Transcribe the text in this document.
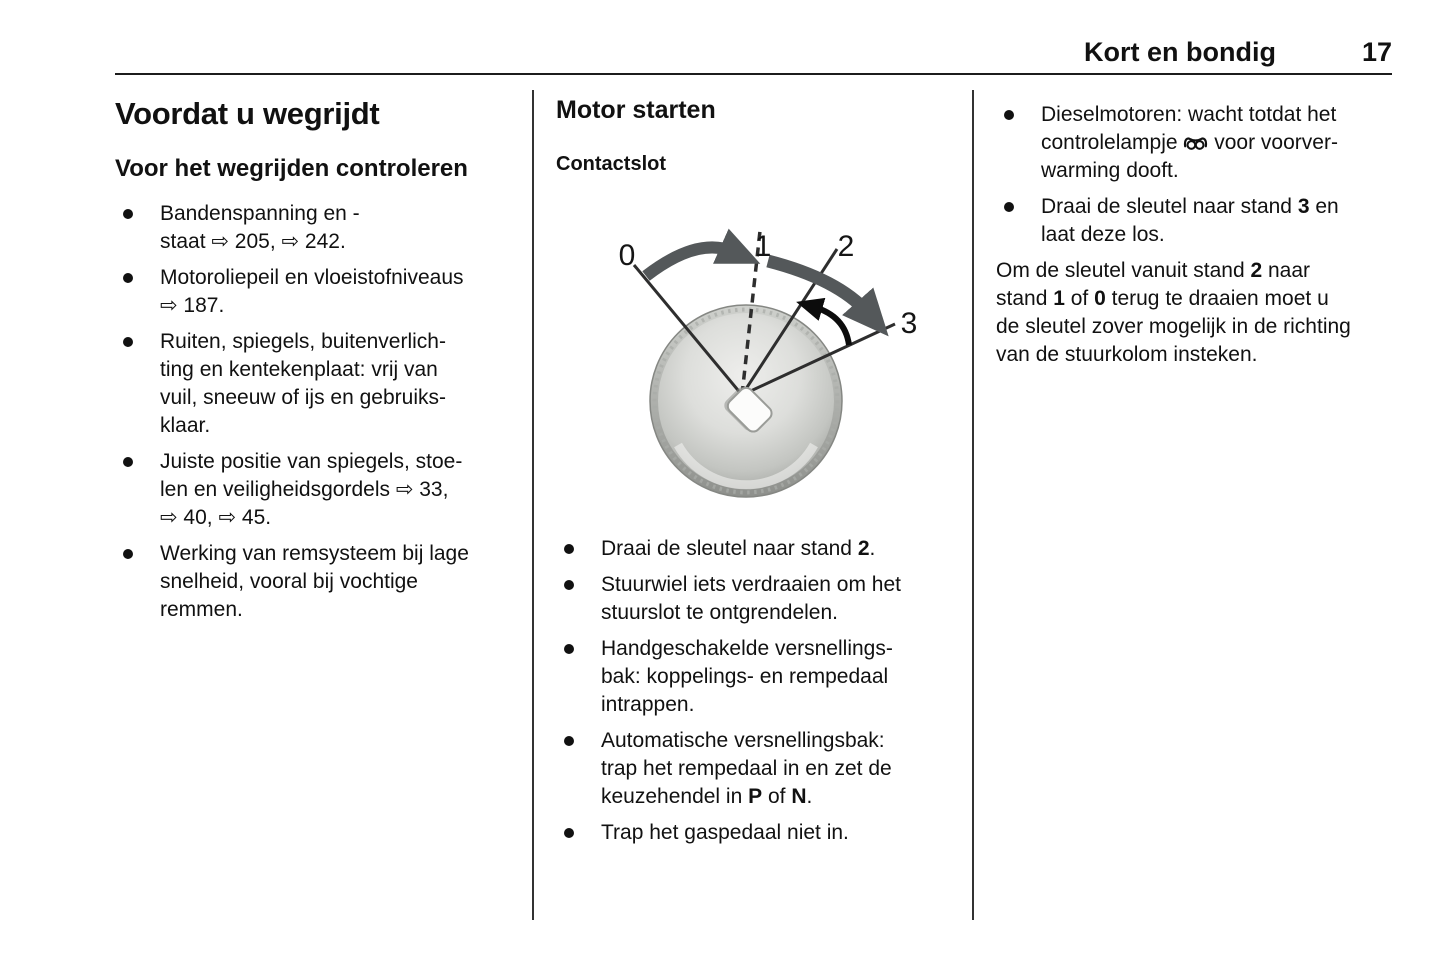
Kort en bondig	17
Voordat u wegrijdt
Voor het wegrijden controleren
Bandenspanning en -
staat ⇨ 205, ⇨ 242.
Motoroliepeil en vloeistofniveaus
⇨ 187.
Ruiten, spiegels, buitenverlich-
ting en kentekenplaat: vrij van
vuil, sneeuw of ijs en gebruiks-
klaar.
Juiste positie van spiegels, stoe-
len en veiligheidsgordels ⇨ 33,
⇨ 40, ⇨ 45.
Werking van remsysteem bij lage
snelheid, vooral bij vochtige
remmen.
Motor starten
Contactslot
0	1 2
3
Draai de sleutel naar stand 2.
Stuurwiel iets verdraaien om het
stuurslot te ontgrendelen.
Handgeschakelde versnellings-
bak: koppelings- en rempedaal
intrappen.
Automatische versnellingsbak:
trap het rempedaal in en zet de
keuzehendel in P of N.
Trap het gaspedaal niet in.
Dieselmotoren: wacht totdat het
controlelampje  voor voorver-
warming dooft.
Draai de sleutel naar stand 3 en
laat deze los.

Om de sleutel vanuit stand 2 naar
stand 1 of 0 terug te draaien moet u
de sleutel zover mogelijk in de richting
van de stuurkolom insteken.
